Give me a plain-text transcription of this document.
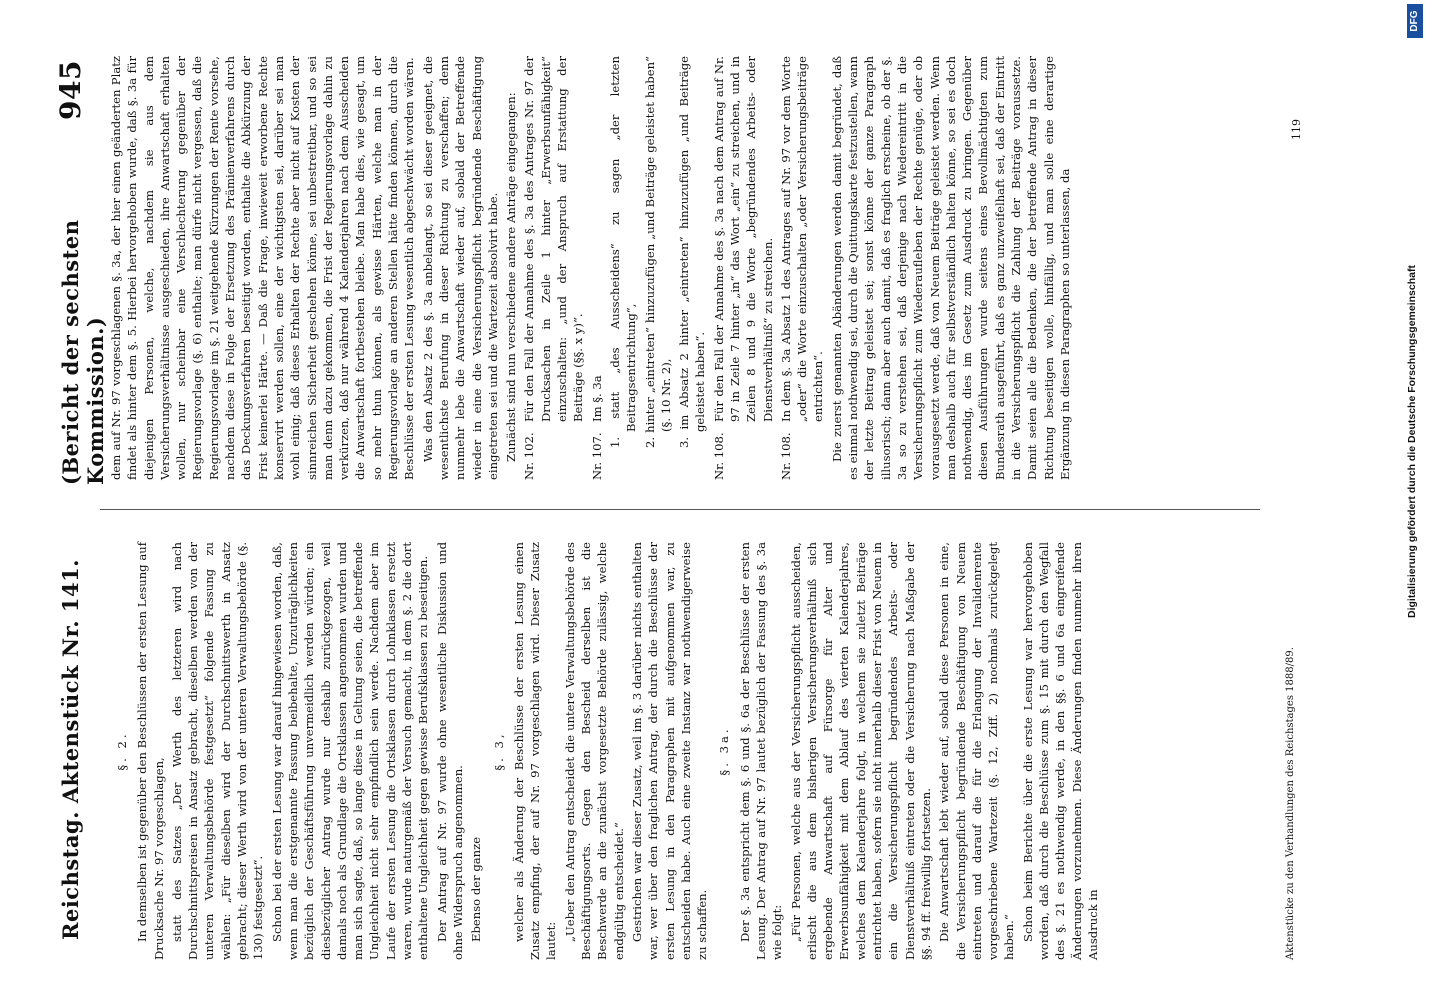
Reichstag. Aktenstück Nr. 141.
(Bericht der sechsten Kommission.)
945

§. 2. In demselben ist gegenüber den Beschlüssen der ersten Lesung auf Drucksache Nr. 97 vorgeschlagen, statt des Satzes „Der Werth des letzteren wird nach Durchschnittspreisen in Ansatz gebracht, dieselben werden von der unteren Verwaltungsbehörde festgesetzt“ folgende Fassung zu wählen: „Für dieselben wird der Durchschnittswerth in Ansatz gebracht; dieser Werth wird von der unteren Verwaltungsbehörde (§. 130) festgesetzt“. Schon bei der ersten Lesung war darauf hingewiesen worden, daß, wenn man die erstgenannte Fassung beibehalte, Unzuträglichkeiten bezüglich der Geschäftsführung unvermeidlich werden würden; ein diesbezüglicher Antrag wurde nur deshalb zurückgezogen, weil damals noch als Grundlage die Ortsklassen angenommen wurden und man sich sagte, daß, so lange diese in Geltung seien, die betreffende Ungleichheit nicht sehr empfindlich sein werde. Nachdem aber im Laufe der ersten Lesung die Ortsklassen durch Lohnklassen ersetzt waren, wurde naturgemäß der Versuch gemacht, in dem §. 2 die dort enthaltene Ungleichheit gegen gewisse Berufsklassen zu beseitigen. Der Antrag auf Nr. 97 wurde ohne wesentliche Diskussion und ohne Widerspruch angenommen. Ebenso der ganze

§. 3, welcher als Änderung der Beschlüsse der ersten Lesung einen Zusatz empfing, der auf Nr. 97 vorgeschlagen wird. Dieser Zusatz lautet: „Ueber den Antrag entscheidet die untere Verwaltungsbehörde des Beschäftigungsorts. Gegen den Bescheid derselben ist die Beschwerde an die zunächst vorgesetzte Behörde zulässig, welche endgültig entscheidet.“ Gestrichen war dieser Zusatz, weil im §. 3 darüber nichts enthalten war, wer über den fraglichen Antrag, der durch die Beschlüsse der ersten Lesung in den Paragraphen mit aufgenommen war, zu entscheiden habe. Auch eine zweite Instanz war nothwendigerweise zu schaffen.

§. 3a. Der §. 3a entspricht dem §. 6 und §. 6a der Beschlüsse der ersten Lesung. Der Antrag auf Nr. 97 lautet bezüglich der Fassung des §. 3a wie folgt: „Für Personen, welche aus der Versicherungspflicht ausscheiden, erlischt die aus dem bisherigen Versicherungsverhältniß sich ergebende Anwartschaft auf Fürsorge für Alter und Erwerbsunfähigkeit mit dem Ablauf des vierten Kalenderjahres, welches dem Kalenderjahre folgt, in welchem sie zuletzt Beiträge entrichtet haben, sofern sie nicht innerhalb dieser Frist von Neuem in ein die Versicherungspflicht begründendes Arbeits- oder Dienstverhältniß eintreten oder die Versicherung nach Maßgabe der §§. 94 ff. freiwillig fortsetzen. Die Anwartschaft lebt wieder auf, sobald diese Personen in eine, die Versicherungspflicht begründende Beschäftigung von Neuem eintreten und darauf die für die Erlangung der Invalidenrente vorgeschriebene Wartezeit (§. 12, Ziff. 2) nochmals zurückgelegt haben.“ Schon beim Berichte über die erste Lesung war hervorgehoben worden, daß durch die Beschlüsse zum §. 15 mit durch den Wegfall des §. 21 es nothwendig werde, in den §§. 6 und 6a eingreifende Änderungen vorzunehmen. Diese Änderungen finden nunmehr ihren Ausdruck in

dem auf Nr. 97 vorgeschlagenen §. 3a, der hier einen geänderten Platz findet als hinter dem §. 5. Hierbei hervorgehoben wurde, daß §. 3a für diejenigen Personen, welche, nachdem sie aus dem Versicherungsverhältnisse ausgeschieden, ihre Anwartschaft erhalten wollen, nur scheinbar eine Verschlechterung gegenüber der Regierungsvorlage (§. 6) enthalte; man dürfe nicht vergessen, daß die Regierungsvorlage im §. 21 weitgehende Kürzungen der Rente vorsehe, nachdem diese in Folge der Ersetzung des Prämienverfahrens durch das Deckungsverfahren beseitigt worden, enthalte die Abkürzung der Frist keinerlei Härte. — Daß die Frage, inwieweit erworbene Rechte konservirt werden sollen, eine der wichtigsten sei, darüber sei man wohl einig; daß dieses Erhalten der Rechte aber nicht auf Kosten der sinnreichen Sicherheit geschehen könne, sei unbestreitbar, und so sei man denn dazu gekommen, die Frist der Regierungsvorlage dahin zu verkürzen, daß nur während 4 Kalenderjahren nach dem Ausscheiden die Anwartschaft fortbestehen bleibe. Man habe dies, wie gesagt, um so mehr thun können, als gewisse Härten, welche man in der Regierungsvorlage an anderen Stellen hätte finden können, durch die Beschlüsse der ersten Lesung wesentlich abgeschwächt worden wären. Was den Absatz 2 des §. 3a anbelangt, so sei dieser geeignet, die wesentlichste Berufung in dieser Richtung zu verschaffen; denn nunmehr lebe die Anwartschaft wieder auf, sobald der Betreffende wieder in eine die Versicherungspflicht begründende Beschäftigung eingetreten sei und die Wartezeit absolvirt habe. Zunächst sind nun verschiedene andere Anträge eingegangen: Nr. 102.Für den Fall der Annahme des §. 3a des Antrages Nr. 97 der Drucksachen in Zeile 1 hinter „Erwerbsunfähigkeit“ einzuschalten: „und der Anspruch auf Erstattung der Beiträge (§§. x y)“.

Nr. 107.Im §. 3a 1. statt „des Ausscheidens“ zu sagen „der letzten Beitragsentrichtung“, 2. hinter „eintreten“ hinzuzufügen „und Beiträge geleistet haben“ (§. 10 Nr. 2), 3. im Absatz 2 hinter „eintreten“ hinzuzufügen „und Beiträge geleistet haben“.

Nr. 108.Für den Fall der Annahme des §. 3a nach dem Antrag auf Nr. 97 in Zeile 7 hinter „in“ das Wort „ein“ zu streichen, und in Zeilen 8 und 9 die Worte „begründendes Arbeits- oder Dienstverhältniß“ zu streichen.

Nr. 108.In dem §. 3a Absatz 1 des Antrages auf Nr. 97 vor dem Worte „oder“ die Worte einzuschalten „oder Versicherungsbeiträge entrichten“. Die zuerst genannten Abänderungen werden damit begründet, daß es einmal nothwendig sei, durch die Quittungskarte festzustellen, wann der letzte Beitrag geleistet sei; sonst könne der ganze Paragraph illusorisch; dann aber auch damit, daß es fraglich erscheine, ob der §. 3a so zu verstehen sei, daß derjenige nach Wiedereintritt in die Versicherungspflicht zum Wiederaufleben der Rechte genüge, oder ob vorausgesetzt werde, daß von Neuem Beiträge geleistet werden. Wenn man deshalb auch für selbstverständlich halten könne, so sei es doch nothwendig, dies im Gesetz zum Ausdruck zu bringen. Gegenüber diesen Ausführungen wurde seitens eines Bevollmächtigten zum Bundesrath ausgeführt, daß es ganz unzweifelhaft sei, daß der Eintritt in die Versicherungspflicht die Zahlung der Beiträge voraussetze. Damit seien alle die Bedenken, die der betreffende Antrag in dieser Richtung beseitigen wolle, hinfällig, und man solle eine derartige Ergänzung in diesen Paragraphen so unterlassen, da

Aktenstücke zu den Verhandlungen des Reichstages 1888/89.
119
Digitalisierung gefördert durch die Deutsche Forschungsgemeinschaft
DFG
